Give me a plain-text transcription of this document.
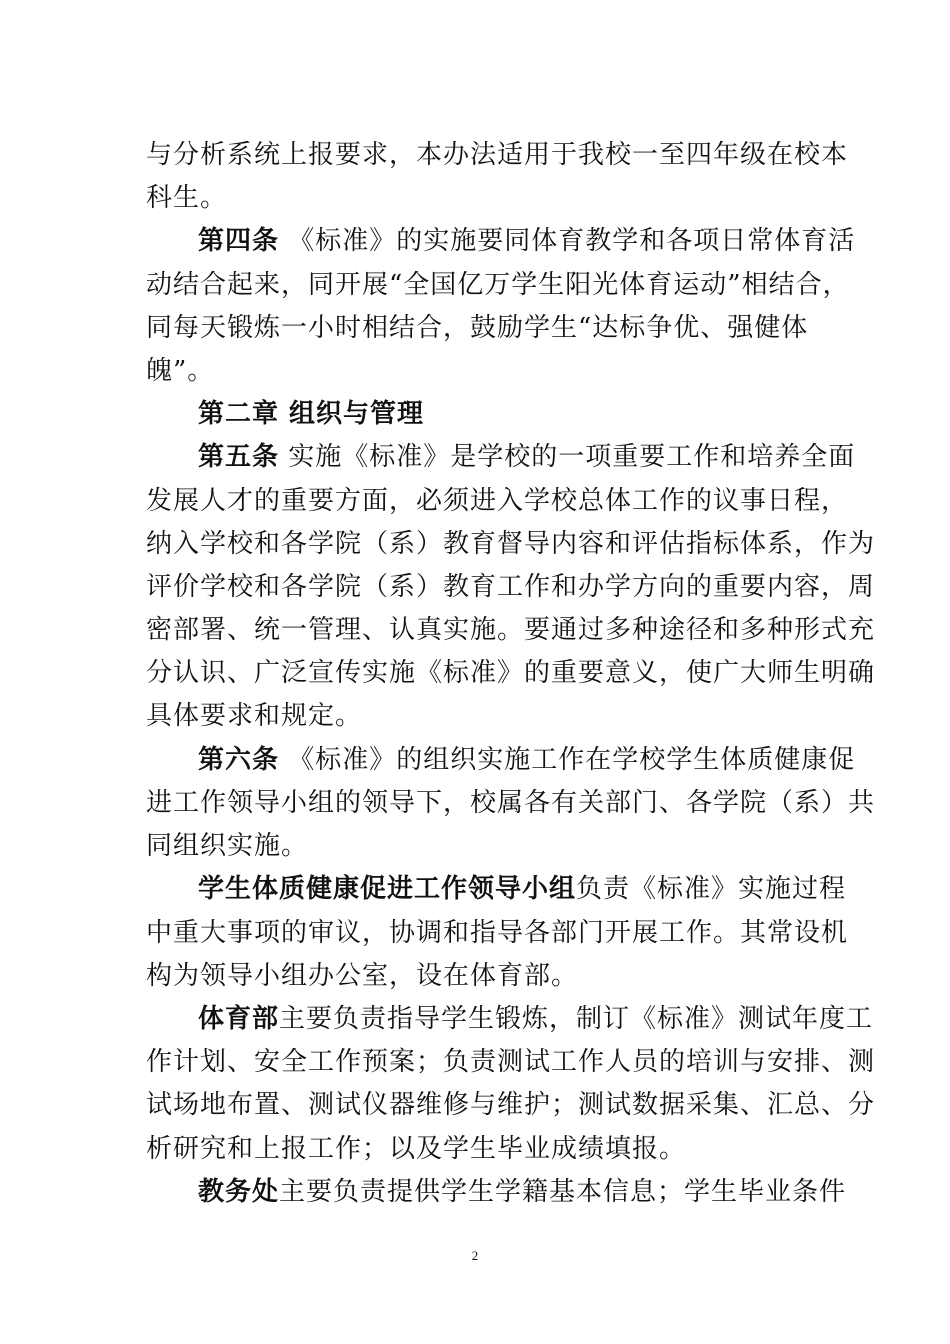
与分析系统上报要求，本办法适用于我校一至四年级在校本
科生。
第四条 《标准》的实施要同体育教学和各项日常体育活
动结合起来，同开展“全国亿万学生阳光体育运动”相结合，
同每天锻炼一小时相结合，鼓励学生“达标争优、强健体
魄”。
第二章 组织与管理
第五条 实施《标准》是学校的一项重要工作和培养全面
发展人才的重要方面，必须进入学校总体工作的议事日程，
纳入学校和各学院（系）教育督导内容和评估指标体系，作为
评价学校和各学院（系）教育工作和办学方向的重要内容，周
密部署、统一管理、认真实施。要通过多种途径和多种形式充
分认识、广泛宣传实施《标准》的重要意义，使广大师生明确
具体要求和规定。
第六条 《标准》的组织实施工作在学校学生体质健康促
进工作领导小组的领导下，校属各有关部门、各学院（系）共
同组织实施。
学生体质健康促进工作领导小组负责《标准》实施过程
中重大事项的审议，协调和指导各部门开展工作。其常设机
构为领导小组办公室，设在体育部。
体育部主要负责指导学生锻炼，制订《标准》测试年度工
作计划、安全工作预案；负责测试工作人员的培训与安排、测
试场地布置、测试仪器维修与维护；测试数据采集、汇总、分
析研究和上报工作；以及学生毕业成绩填报。
教务处主要负责提供学生学籍基本信息；学生毕业条件
2
